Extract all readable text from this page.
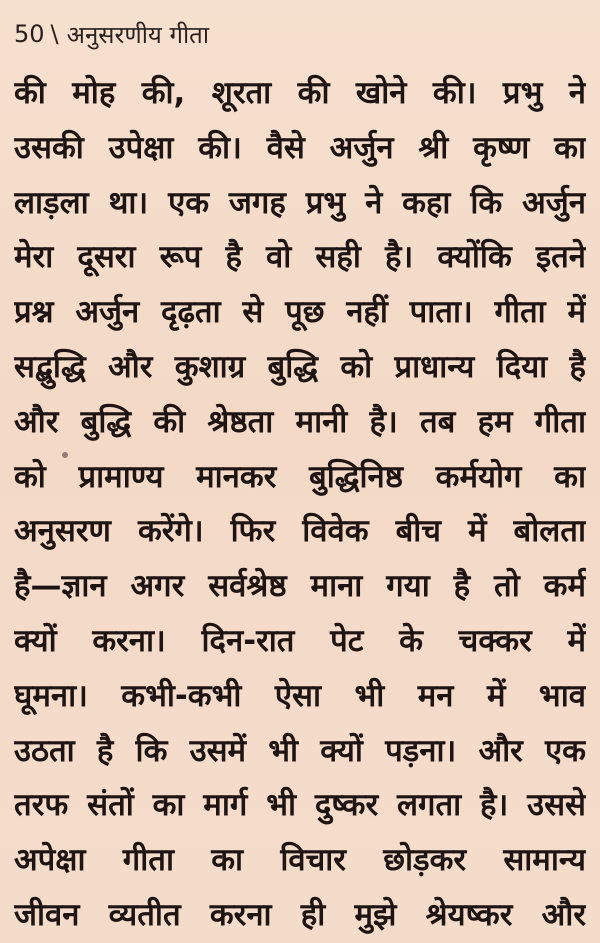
50 \ अनुसरणीय गीता
की मोह की, शूरता की खोने की। प्रभु ने
उसकी उपेक्षा की। वैसे अर्जुन श्री कृष्ण का
लाड़ला था। एक जगह प्रभु ने कहा कि अर्जुन
मेरा दूसरा रूप है वो सही है। क्योंकि इतने
प्रश्न अर्जुन दृढ़ता से पूछ नहीं पाता। गीता में
सद्बुद्धि और कुशाग्र बुद्धि को प्राधान्य दिया है
और बुद्धि की श्रेष्ठता मानी है। तब हम गीता
को प्रामाण्य मानकर बुद्धिनिष्ठ कर्मयोग का
अनुसरण करेंगे। फिर विवेक बीच में बोलता
है—ज्ञान अगर सर्वश्रेष्ठ माना गया है तो कर्म
क्यों करना। दिन-रात पेट के चक्कर में
घूमना। कभी-कभी ऐसा भी मन में भाव
उठता है कि उसमें भी क्यों पड़ना। और एक
तरफ संतों का मार्ग भी दुष्कर लगता है। उससे
अपेक्षा गीता का विचार छोड़कर सामान्य
जीवन व्यतीत करना ही मुझे श्रेयष्कर और
